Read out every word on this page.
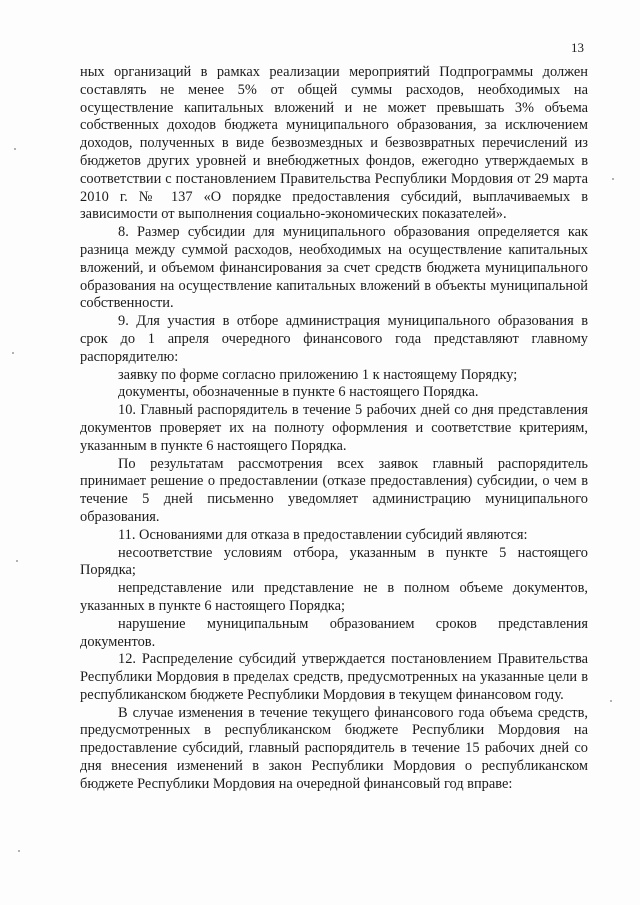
13

ных организаций в рамках реализации мероприятий Подпрограммы должен составлять не менее 5% от общей суммы расходов, необходимых на осуществление капитальных вложений и не может превышать 3% объема собственных доходов бюджета муниципального образования, за исключением доходов, полученных в виде безвозмездных и безвозвратных перечислений из бюджетов других уровней и внебюджетных фондов, ежегодно утверждаемых в соответствии с постановлением Правительства Республики Мордовия от 29 марта 2010 г. № 137 «О порядке предоставления субсидий, выплачиваемых в зависимости от выполнения социально-экономических показателей».

8. Размер субсидии для муниципального образования определяется как разница между суммой расходов, необходимых на осуществление капитальных вложений, и объемом финансирования за счет средств бюджета муниципального образования на осуществление капитальных вложений в объекты муниципальной собственности.

9. Для участия в отборе администрация муниципального образования в срок до 1 апреля очередного финансового года представляют главному распорядителю:

заявку по форме согласно приложению 1 к настоящему Порядку;

документы, обозначенные в пункте 6 настоящего Порядка.

10. Главный распорядитель в течение 5 рабочих дней со дня представления документов проверяет их на полноту оформления и соответствие критериям, указанным в пункте 6 настоящего Порядка.

По результатам рассмотрения всех заявок главный распорядитель принимает решение о предоставлении (отказе предоставления) субсидии, о чем в течение 5 дней письменно уведомляет администрацию муниципального образования.

11. Основаниями для отказа в предоставлении субсидий являются:

несоответствие условиям отбора, указанным в пункте 5 настоящего Порядка;

непредставление или представление не в полном объеме документов, указанных в пункте 6 настоящего Порядка;

нарушение муниципальным образованием сроков представления документов.

12. Распределение субсидий утверждается постановлением Правительства Республики Мордовия в пределах средств, предусмотренных на указанные цели в республиканском бюджете Республики Мордовия в текущем финансовом году.

В случае изменения в течение текущего финансового года объема средств, предусмотренных в республиканском бюджете Республики Мордовия на предоставление субсидий, главный распорядитель в течение 15 рабочих дней со дня внесения изменений в закон Республики Мордовия о республиканском бюджете Республики Мордовия на очередной финансовый год вправе:
